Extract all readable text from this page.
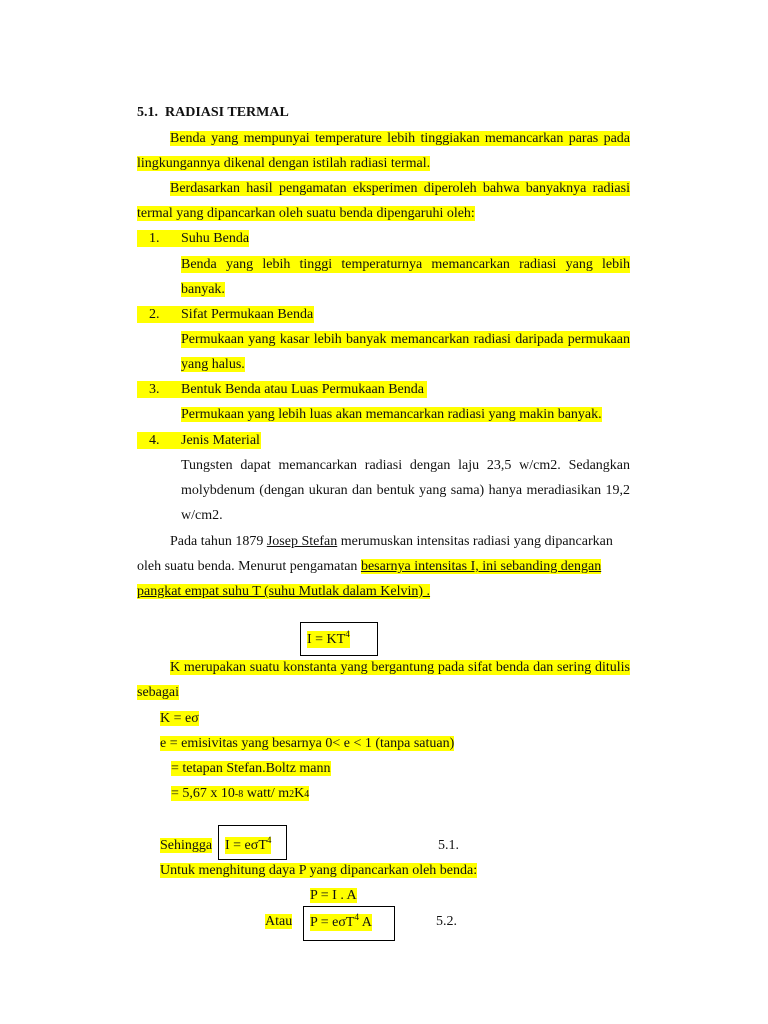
5.1. RADIASI TERMAL
Benda yang mempunyai temperature lebih tinggiakan memancarkan paras pada
lingkungannya dikenal dengan istilah radiasi termal.
Berdasarkan hasil pengamatan eksperimen diperoleh bahwa banyaknya radiasi
termal yang dipancarkan oleh suatu benda dipengaruhi oleh:
1. Suhu Benda

Benda yang lebih tinggi temperaturnya memancarkan radiasi yang lebih
banyak.
2. Sifat Permukaan Benda

Permukaan yang kasar lebih banyak memancarkan radiasi daripada permukaan
yang halus.
3. Bentuk Benda atau Luas Permukaan Benda

Permukaan yang lebih luas akan memancarkan radiasi yang makin banyak.
4. Jenis Material

Tungsten dapat memancarkan radiasi dengan laju 23,5 w/cm2. Sedangkan
molybdenum (dengan ukuran dan bentuk yang sama) hanya meradiasikan 19,2
w/cm2.
Pada tahun 1879 Josep Stefan merumuskan intensitas radiasi yang dipancarkan
oleh suatu benda. Menurut pengamatan besarnya intensitas I, ini sebanding dengan
pangkat empat suhu T (suhu Mutlak dalam Kelvin) .
$I = KT^4$
K merupakan suatu konstanta yang bergantung pada sifat benda dan sering ditulis
sebagai
K = eσ
e = emisivitas yang besarnya 0< e < 1 (tanpa satuan)
= tetapan Stefan.Boltz mann
= 5,67 x 10-8 watt/ m2K4
Sehingga I = eσT$^4$	5.1.
Untuk menghitung daya P yang dipancarkan oleh benda:
P = I . A
Atau P = eσT$^4$ A	5.2.
